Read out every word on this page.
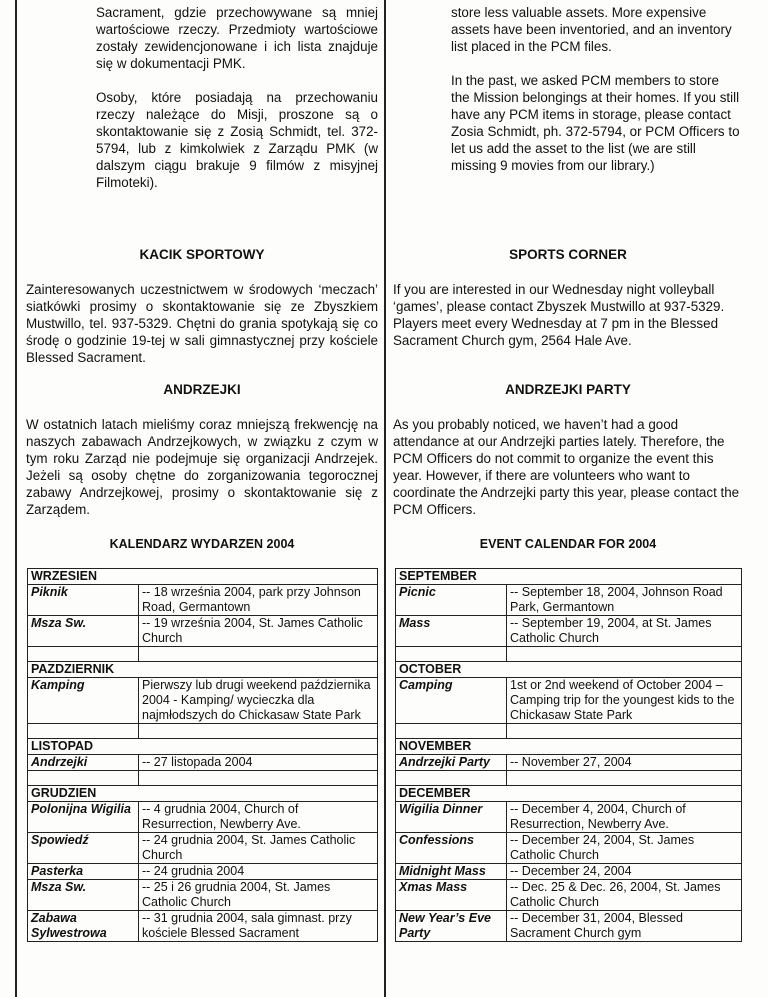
Sacrament, gdzie przechowywane są mniej wartościowe rzeczy. Przedmioty wartościowe zostały zewidencjonowane i ich lista znajduje się w dokumentacji PMK.

Osoby, które posiadają na przechowaniu rzeczy należące do Misji, proszone są o skontaktowanie się z Zosią Schmidt, tel. 372-5794, lub z kimkolwiek z Zarządu PMK (w dalszym ciągu brakuje 9 filmów z misyjnej Filmoteki).

KACIK SPORTOWY
Zainteresowanych uczestnictwem w środowych ‘meczach’ siatkówki prosimy o skontaktowanie się ze Zbyszkiem Mustwillo, tel. 937-5329. Chętni do grania spotykają się co środę o godzinie 19-tej w sali gimnastycznej przy kościele Blessed Sacrament.
ANDRZEJKI
W ostatnich latach mieliśmy coraz mniejszą frekwencję na naszych zabawach Andrzejkowych, w związku z czym w tym roku Zarząd nie podejmuje się organizacji Andrzejek. Jeżeli są osoby chętne do zorganizowania tegorocznej zabawy Andrzejkowej, prosimy o skontaktowanie się z Zarządem.
KALENDARZ WYDARZEN 2004
WRZESIEN	
Piknik	-- 18 września 2004, park przy Johnson Road, Germantown
Msza Sw.	-- 19 września 2004, St. James Catholic Church

PAZDZIERNIK	
Kamping	Pierwszy lub drugi weekend października 2004 - Kamping/ wycieczka dla najmłodszych do Chickasaw State Park

LISTOPAD	
Andrzejki	-- 27 listopada 2004

GRUDZIEN	
Polonijna Wigilia	-- 4 grudnia 2004, Church of Resurrection, Newberry Ave.
Spowiedź	-- 24 grudnia 2004, St. James Catholic Church
Pasterka	-- 24 grudnia 2004
Msza Sw.	-- 25 i 26 grudnia 2004, St. James Catholic Church
Zabawa Sylwestrowa	-- 31 grudnia 2004, sala gimnast. przy kościele Blessed Sacrament

store less valuable assets. More expensive assets have been inventoried, and an inventory list placed in the PCM files.

In the past, we asked PCM members to store the Mission belongings at their homes. If you still have any PCM items in storage, please contact Zosia Schmidt, ph. 372-5794, or PCM Officers to let us add the asset to the list (we are still missing 9 movies from our library.)

SPORTS CORNER
If you are interested in our Wednesday night volleyball ‘games’, please contact Zbyszek Mustwillo at 937-5329. Players meet every Wednesday at 7 pm in the Blessed Sacrament Church gym, 2564 Hale Ave.
ANDRZEJKI PARTY
As you probably noticed, we haven’t had a good attendance at our Andrzejki parties lately. Therefore, the PCM Officers do not commit to organize the event this year. However, if there are volunteers who want to coordinate the Andrzejki party this year, please contact the PCM Officers.
EVENT CALENDAR FOR 2004
SEPTEMBER	
Picnic	-- September 18, 2004, Johnson Road Park, Germantown
Mass	-- September 19, 2004, at St. James Catholic Church

OCTOBER	
Camping	1st or 2nd weekend of October 2004 – Camping trip for the youngest kids to the Chickasaw State Park

NOVEMBER	
Andrzejki Party	-- November 27, 2004

DECEMBER	
Wigilia Dinner	-- December 4, 2004, Church of Resurrection, Newberry Ave.
Confessions	-- December 24, 2004, St. James Catholic Church
Midnight Mass	-- December 24, 2004
Xmas Mass	-- Dec. 25 & Dec. 26, 2004, St. James Catholic Church
New Year’s Eve Party	-- December 31, 2004, Blessed Sacrament Church gym
